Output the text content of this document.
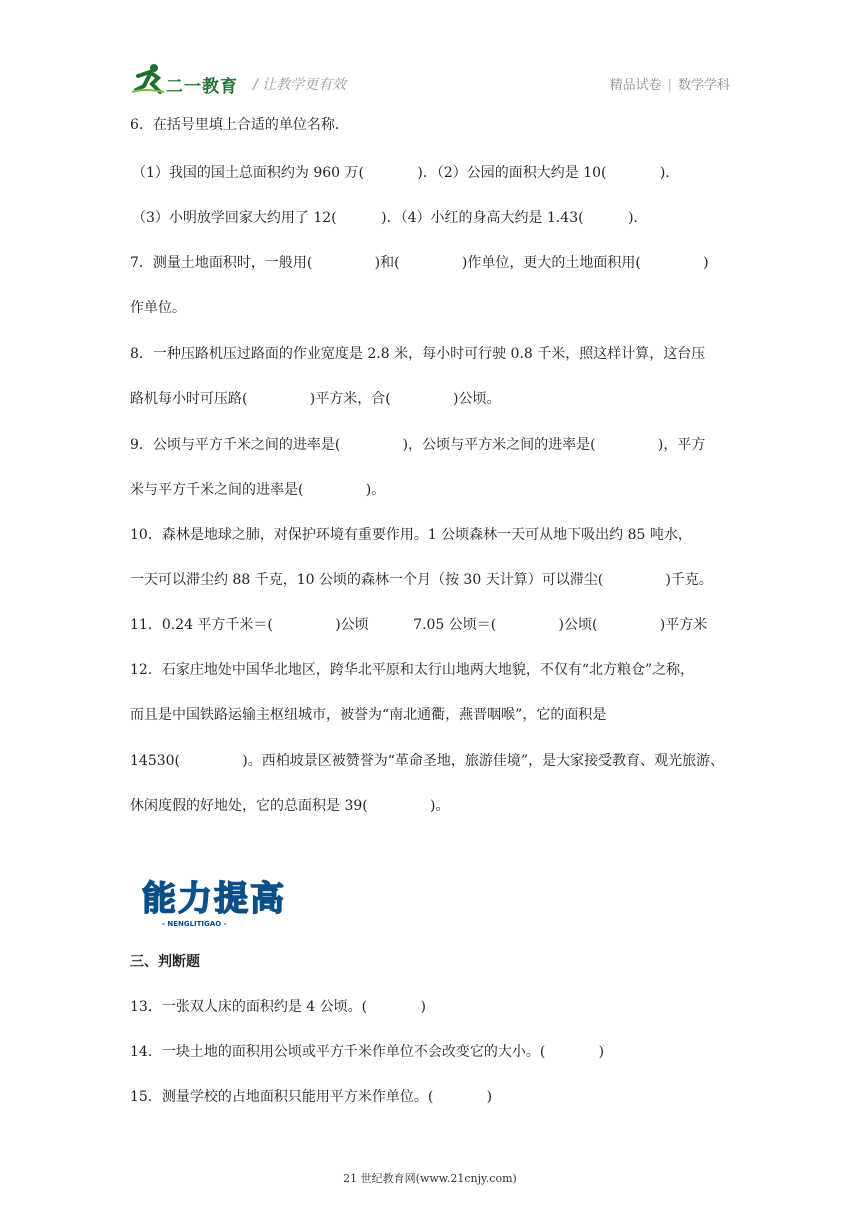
二一教育 / 让教学更有效	精品试卷 | 数学学科
6．在括号里填上合适的单位名称．
（1）我国的国土总面积约为 960 万(            )．（2）公园的面积大约是 10(            )．
（3）小明放学回家大约用了 12(          )．（4）小红的身高大约是 1.43(          )．
7．测量土地面积时，一般用(              )和(              )作单位，更大的土地面积用(              )
作单位。
8．一种压路机压过路面的作业宽度是 2.8 米，每小时可行驶 0.8 千米，照这样计算，这台压
路机每小时可压路(              )平方米，合(              )公顷。
9．公顷与平方千米之间的进率是(              )，公顷与平方米之间的进率是(              )，平方
米与平方千米之间的进率是(              )。
10．森林是地球之肺，对保护环境有重要作用。1 公顷森林一天可从地下吸出约 85 吨水，
一天可以滞尘约 88 千克，10 公顷的森林一个月（按 30 天计算）可以滞尘(              )千克。
11．0.24 平方千米＝(              )公顷          7.05 公顷＝(              )公顷(              )平方米
12．石家庄地处中国华北地区，跨华北平原和太行山地两大地貌，不仅有“北方粮仓”之称，
而且是中国铁路运输主枢纽城市，被誉为“南北通衢，燕晋咽喉”，它的面积是
14530(              )。西柏坡景区被赞誉为“革命圣地，旅游佳境”，是大家接受教育、观光旅游、
休闲度假的好地处，它的总面积是 39(              )。
能力提高
- NENGLITIGAO -
三、判断题
13．一张双人床的面积约是 4 公顷。(            )
14．一块土地的面积用公顷或平方千米作单位不会改变它的大小。(            )
15．测量学校的占地面积只能用平方米作单位。(            )
21 世纪教育网(www.21cnjy.com)
